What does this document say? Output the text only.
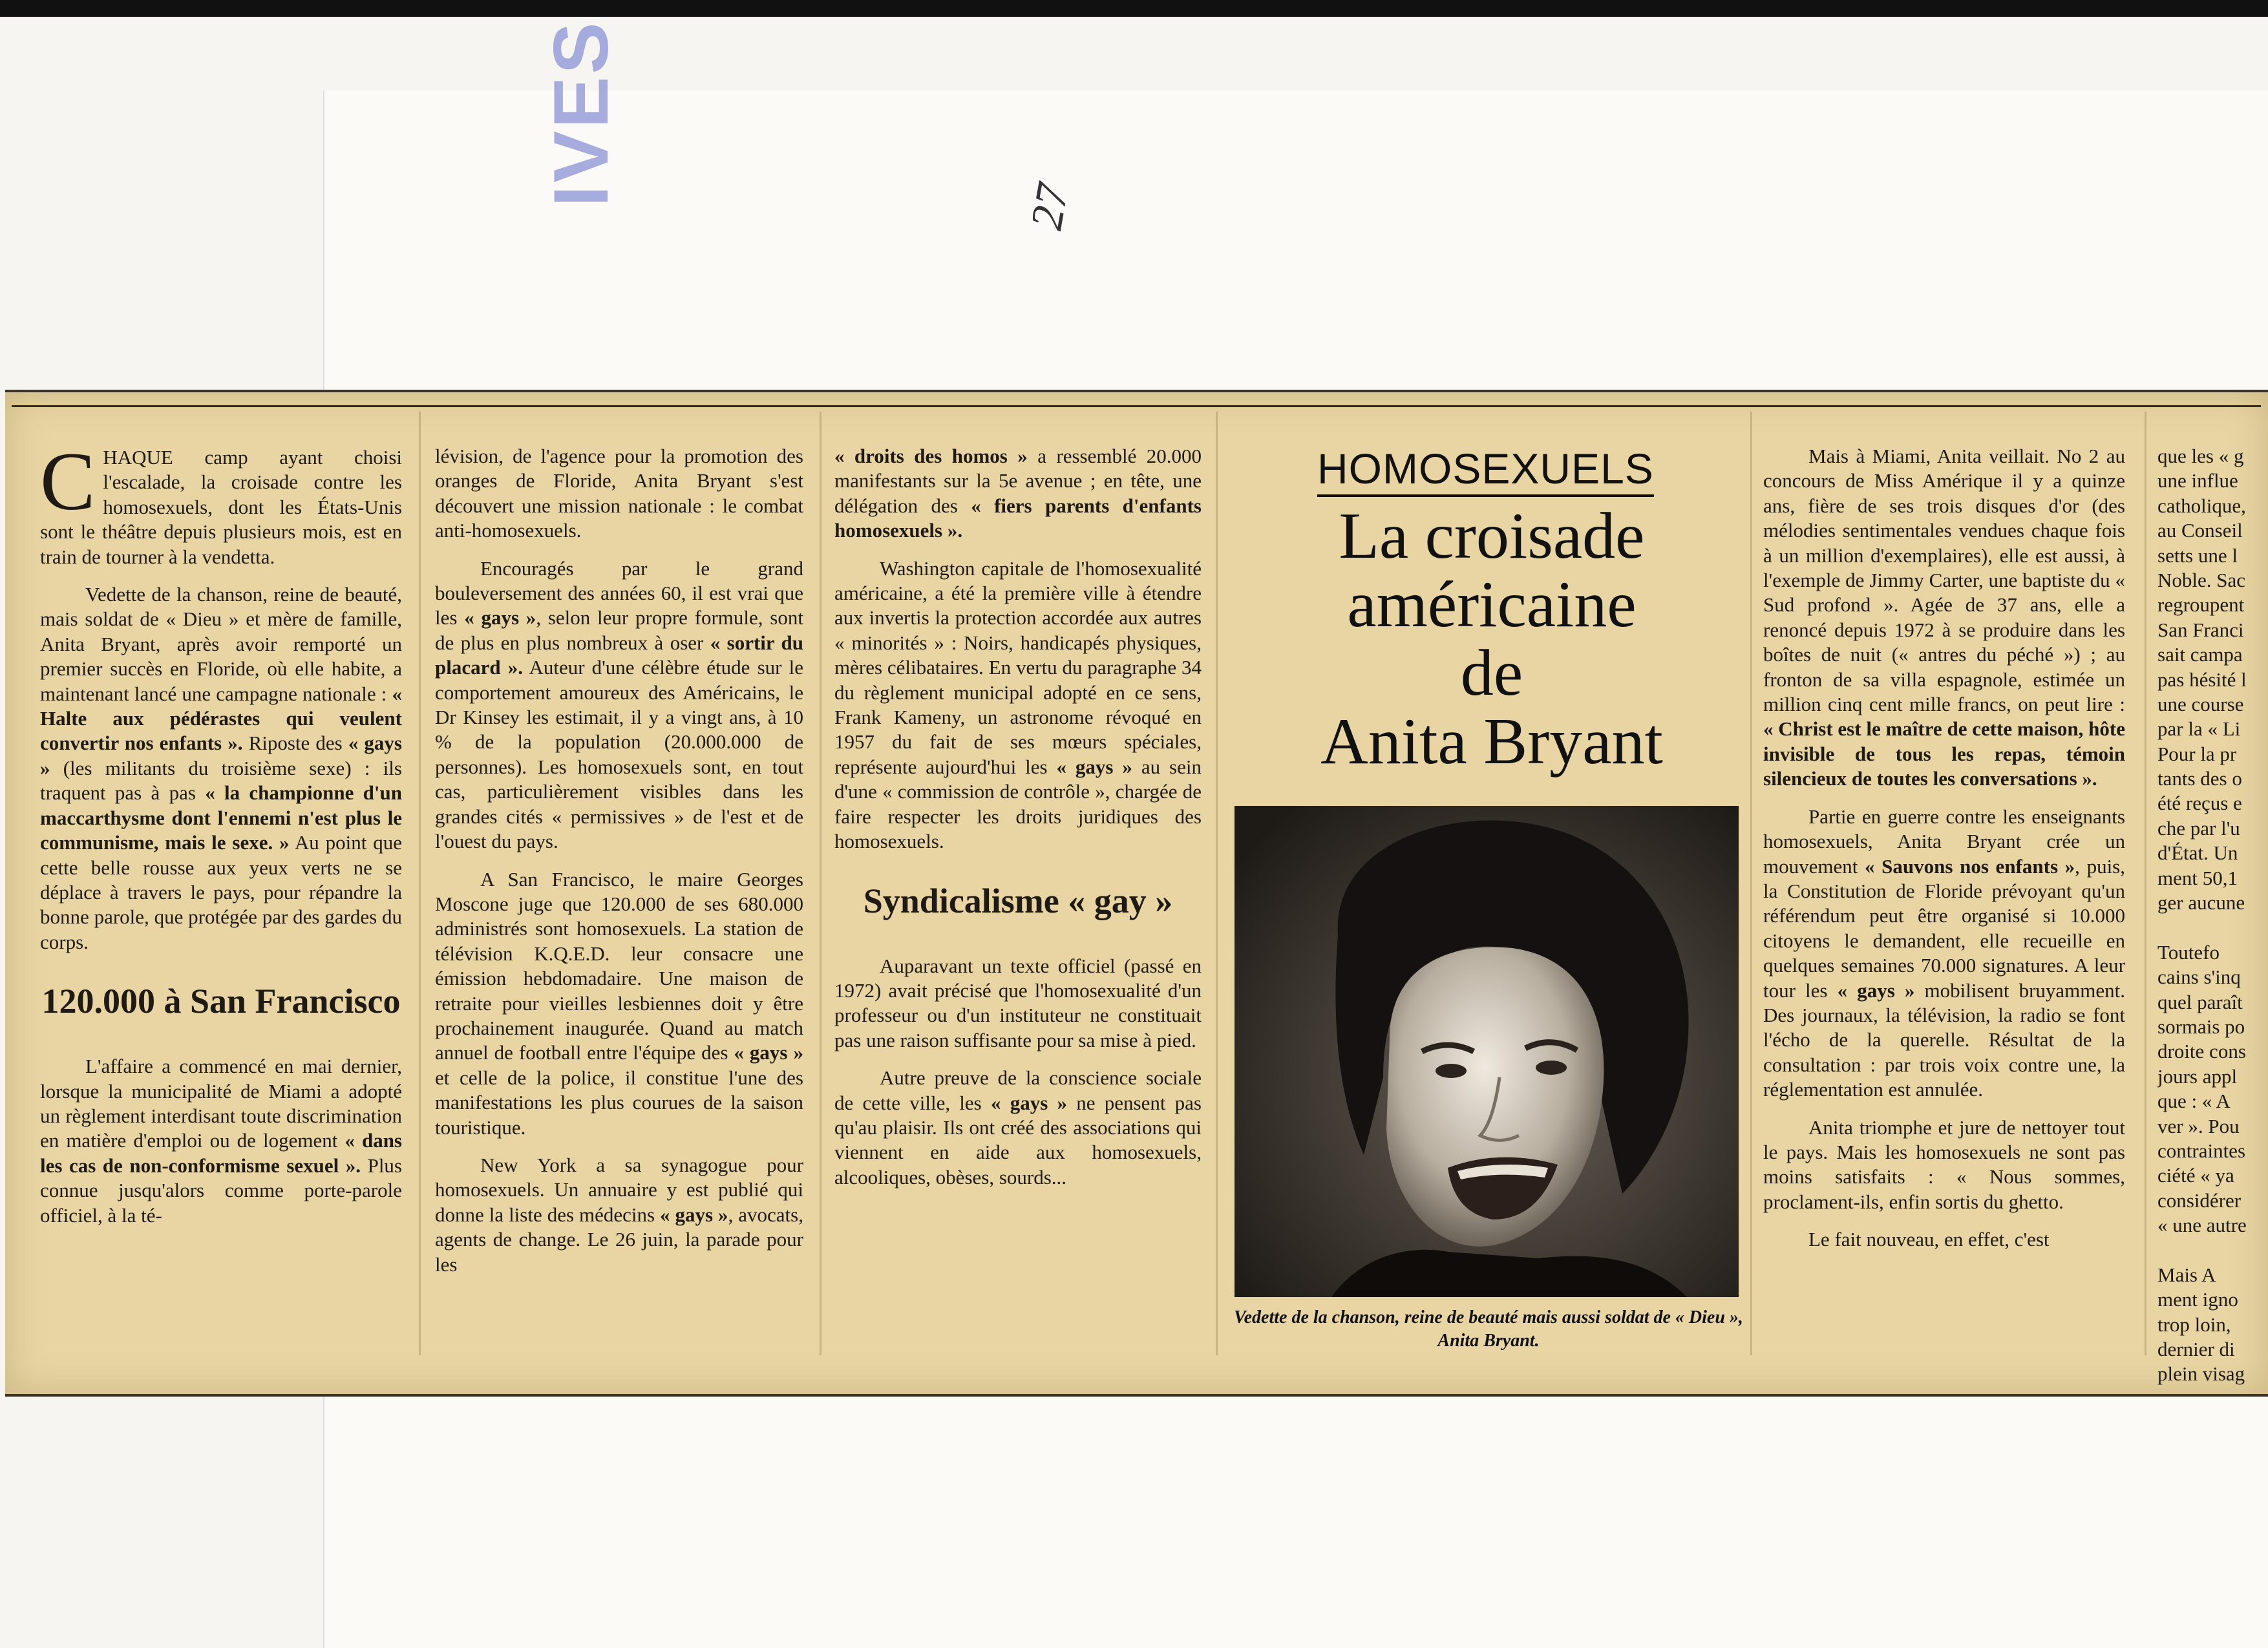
IVES	27

CHAQUE camp ayant choisi l'escalade, la croisade contre les homosexuels, dont les États-Unis sont le théâtre depuis plusieurs mois, est en train de tourner à la vendetta.

Vedette de la chanson, reine de beauté, mais soldat de « Dieu » et mère de famille, Anita Bryant, après avoir remporté un premier succès en Floride, où elle habite, a maintenant lancé une campagne nationale : « Halte aux pédérastes qui veulent convertir nos enfants ». Riposte des « gays » (les militants du troisième sexe) : ils traquent pas à pas « la championne d'un maccarthysme dont l'ennemi n'est plus le communisme, mais le sexe. » Au point que cette belle rousse aux yeux verts ne se déplace à travers le pays, pour répandre la bonne parole, que protégée par des gardes du corps.

120.000 à San Francisco

L'affaire a commencé en mai dernier, lorsque la municipalité de Miami a adopté un règlement interdisant toute discrimination en matière d'emploi ou de logement « dans les cas de non-conformisme sexuel ». Plus connue jusqu'alors comme porte-parole officiel, à la té-

lévision, de l'agence pour la promotion des oranges de Floride, Anita Bryant s'est découvert une mission nationale : le combat anti-homosexuels.

Encouragés par le grand bouleversement des années 60, il est vrai que les « gays », selon leur propre formule, sont de plus en plus nombreux à oser « sortir du placard ». Auteur d'une célèbre étude sur le comportement amoureux des Américains, le Dr Kinsey les estimait, il y a vingt ans, à 10 % de la population (20.000.000 de personnes). Les homosexuels sont, en tout cas, particulièrement visibles dans les grandes cités « permissives » de l'est et de l'ouest du pays.

A San Francisco, le maire Georges Moscone juge que 120.000 de ses 680.000 administrés sont homosexuels. La station de télévision K.Q.E.D. leur consacre une émission hebdomadaire. Une maison de retraite pour vieilles lesbiennes doit y être prochainement inaugurée. Quand au match annuel de football entre l'équipe des « gays » et celle de la police, il constitue l'une des manifestations les plus courues de la saison touristique.

New York a sa synagogue pour homosexuels. Un annuaire y est publié qui donne la liste des médecins « gays », avocats, agents de change. Le 26 juin, la parade pour les

« droits des homos » a ressemblé 20.000 manifestants sur la 5e avenue ; en tête, une délégation des « fiers parents d'enfants homosexuels ».

Washington capitale de l'homosexualité américaine, a été la première ville à étendre aux invertis la protection accordée aux autres « minorités » : Noirs, handicapés physiques, mères célibataires. En vertu du paragraphe 34 du règlement municipal adopté en ce sens, Frank Kameny, un astronome révoqué en 1957 du fait de ses mœurs spéciales, représente aujourd'hui les « gays » au sein d'une « commission de contrôle », chargée de faire respecter les droits juridiques des homosexuels.

Syndicalisme « gay »

Auparavant un texte officiel (passé en 1972) avait précisé que l'homosexualité d'un professeur ou d'un instituteur ne constituait pas une raison suffisante pour sa mise à pied.

Autre preuve de la conscience sociale de cette ville, les « gays » ne pensent pas qu'au plaisir. Ils ont créé des associations qui viennent en aide aux homosexuels, alcooliques, obèses, sourds...

HOMOSEXUELS
La croisade
américaine
de
Anita Bryant
Vedette de la chanson, reine de beauté mais aussi soldat de « Dieu », Anita Bryant.

Mais à Miami, Anita veillait. No 2 au concours de Miss Amérique il y a quinze ans, fière de ses trois disques d'or (des mélodies sentimentales vendues chaque fois à un million d'exemplaires), elle est aussi, à l'exemple de Jimmy Carter, une baptiste du « Sud profond ». Agée de 37 ans, elle a renoncé depuis 1972 à se produire dans les boîtes de nuit (« antres du péché ») ; au fronton de sa villa espagnole, estimée un million cinq cent mille francs, on peut lire : « Christ est le maître de cette maison, hôte invisible de tous les repas, témoin silencieux de toutes les conversations ».

Partie en guerre contre les enseignants homosexuels, Anita Bryant crée un mouvement « Sauvons nos enfants », puis, la Constitution de Floride prévoyant qu'un référendum peut être organisé si 10.000 citoyens le demandent, elle recueille en quelques semaines 70.000 signatures. A leur tour les « gays » mobilisent bruyamment. Des journaux, la télévision, la radio se font l'écho de la querelle. Résultat de la consultation : par trois voix contre une, la réglementation est annulée.

Anita triomphe et jure de nettoyer tout le pays. Mais les homosexuels ne sont pas moins satisfaits : « Nous sommes, proclament-ils, enfin sortis du ghetto.

Le fait nouveau, en effet, c'est

que les « g
une influe
catholique,
au Conseil
setts une l
Noble. Sac
regroupent
San Franci
sait campa
pas hésité l
une course
par la « Li
Pour la pr
tants des o
été reçus e
che par l'u
d'État. Un
ment 50,1
ger aucune

Toutefo
cains s'inq
quel paraît
sormais po
droite cons
jours appl
que : « A
ver ». Pou
contraintes
ciété « ya
considérer
« une autre

Mais A
ment igno
trop loin,
dernier di
plein visag
